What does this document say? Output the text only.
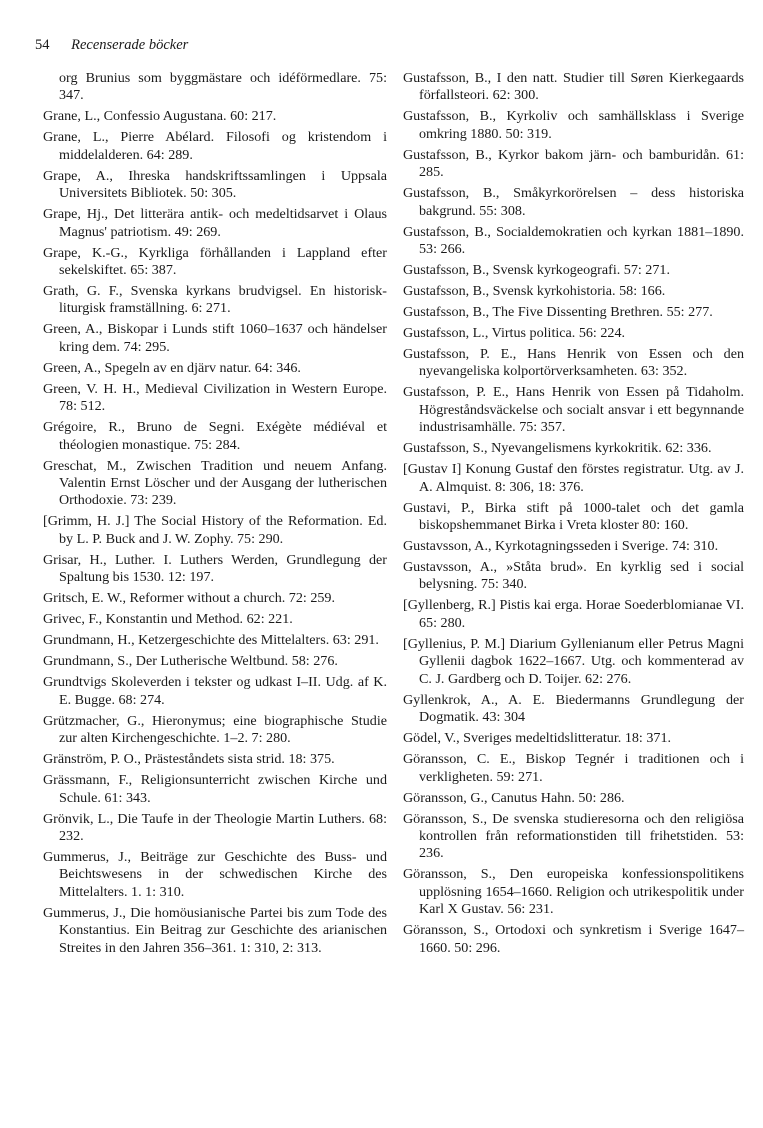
54 Recenserade böcker

org Brunius som byggmästare och idéförmedlare. 75: 347.

Grane, L., Confessio Augustana. 60: 217.

Grane, L., Pierre Abélard. Filosofi og kristendom i middelalderen. 64: 289.

Grape, A., Ihreska handskriftssamlingen i Uppsala Universitets Bibliotek. 50: 305.

Grape, Hj., Det litterära antik- och medeltidsarvet i Olaus Magnus' patriotism. 49: 269.

Grape, K.-G., Kyrkliga förhållanden i Lappland efter sekelskiftet. 65: 387.

Grath, G. F., Svenska kyrkans brudvigsel. En historisk-liturgisk framställning. 6: 271.

Green, A., Biskopar i Lunds stift 1060–1637 och händelser kring dem. 74: 295.

Green, A., Spegeln av en djärv natur. 64: 346.

Green, V. H. H., Medieval Civilization in Western Europe. 78: 512.

Grégoire, R., Bruno de Segni. Exégète médiéval et théologien monastique. 75: 284.

Greschat, M., Zwischen Tradition und neuem Anfang. Valentin Ernst Löscher und der Ausgang der lutherischen Orthodoxie. 73: 239.

[Grimm, H. J.] The Social History of the Reformation. Ed. by L. P. Buck and J. W. Zophy. 75: 290.

Grisar, H., Luther. I. Luthers Werden, Grundlegung der Spaltung bis 1530. 12: 197.

Gritsch, E. W., Reformer without a church. 72: 259.

Grivec, F., Konstantin und Method. 62: 221.

Grundmann, H., Ketzergeschichte des Mittelalters. 63: 291.

Grundmann, S., Der Lutherische Weltbund. 58: 276.

Grundtvigs Skoleverden i tekster og udkast I–II. Udg. af K. E. Bugge. 68: 274.

Grützmacher, G., Hieronymus; eine biographische Studie zur alten Kirchengeschichte. 1–2. 7: 280.

Gränström, P. O., Prästeståndets sista strid. 18: 375.

Grässmann, F., Religionsunterricht zwischen Kirche und Schule. 61: 343.

Grönvik, L., Die Taufe in der Theologie Martin Luthers. 68: 232.

Gummerus, J., Beiträge zur Geschichte des Buss- und Beichtswesens in der schwedischen Kirche des Mittelalters. 1. 1: 310.

Gummerus, J., Die homöusianische Partei bis zum Tode des Konstantius. Ein Beitrag zur Geschichte des arianischen Streites in den Jahren 356–361. 1: 310, 2: 313.

Gustafsson, B., I den natt. Studier till Søren Kierkegaards förfallsteori. 62: 300.

Gustafsson, B., Kyrkoliv och samhällsklass i Sverige omkring 1880. 50: 319.

Gustafsson, B., Kyrkor bakom järn- och bamburidån. 61: 285.

Gustafsson, B., Småkyrkorörelsen – dess historiska bakgrund. 55: 308.

Gustafsson, B., Socialdemokratien och kyrkan 1881–1890. 53: 266.

Gustafsson, B., Svensk kyrkogeografi. 57: 271.

Gustafsson, B., Svensk kyrkohistoria. 58: 166.

Gustafsson, B., The Five Dissenting Brethren. 55: 277.

Gustafsson, L., Virtus politica. 56: 224.

Gustafsson, P. E., Hans Henrik von Essen och den nyevangeliska kolportörverksamheten. 63: 352.

Gustafsson, P. E., Hans Henrik von Essen på Tidaholm. Högreståndsväckelse och socialt ansvar i ett begynnande industrisamhälle. 75: 357.

Gustafsson, S., Nyevangelismens kyrkokritik. 62: 336.

[Gustav I] Konung Gustaf den förstes registratur. Utg. av J. A. Almquist. 8: 306, 18: 376.

Gustavi, P., Birka stift på 1000-talet och det gamla biskopshemmanet Birka i Vreta kloster 80: 160.

Gustavsson, A., Kyrkotagningsseden i Sverige. 74: 310.

Gustavsson, A., »Ståta brud». En kyrklig sed i social belysning. 75: 340.

[Gyllenberg, R.] Pistis kai erga. Horae Soederblomianae VI. 65: 280.

[Gyllenius, P. M.] Diarium Gyllenianum eller Petrus Magni Gyllenii dagbok 1622–1667. Utg. och kommenterad av C. J. Gardberg och D. Toijer. 62: 276.

Gyllenkrok, A., A. E. Biedermanns Grundlegung der Dogmatik. 43: 304

Gödel, V., Sveriges medeltidslitteratur. 18: 371.

Göransson, C. E., Biskop Tegnér i traditionen och i verkligheten. 59: 271.

Göransson, G., Canutus Hahn. 50: 286.

Göransson, S., De svenska studieresorna och den religiösa kontrollen från reformationstiden till frihetstiden. 53: 236.

Göransson, S., Den europeiska konfessionspolitikens upplösning 1654–1660. Religion och utrikespolitik under Karl X Gustav. 56: 231.

Göransson, S., Ortodoxi och synkretism i Sverige 1647–1660. 50: 296.
